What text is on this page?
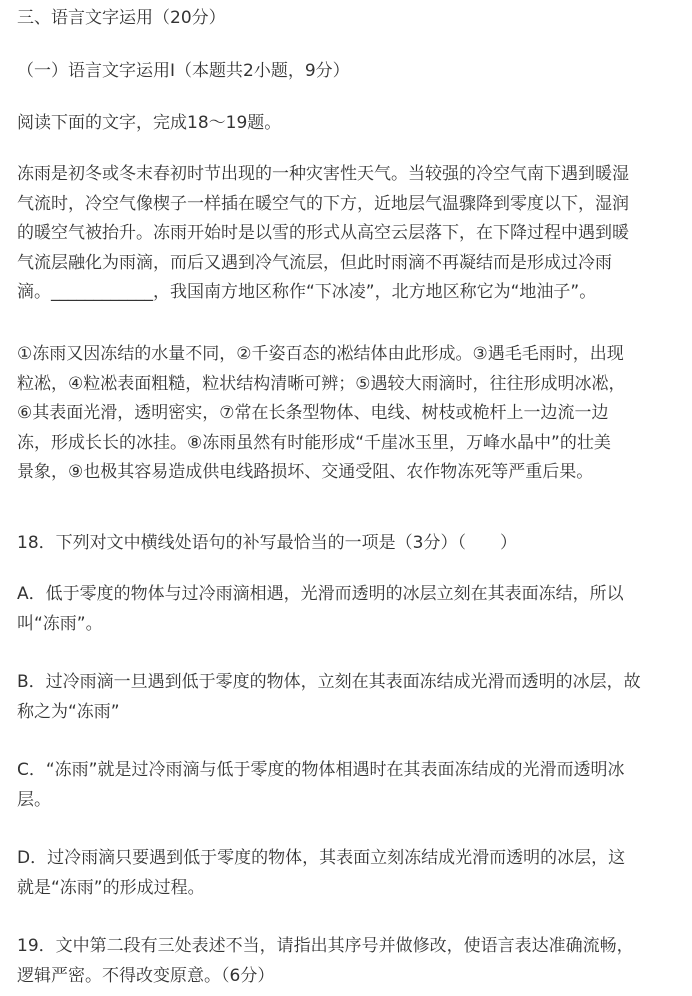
三、语言文字运用（20分）

（一）语言文字运用Ⅰ（本题共2小题，9分）

阅读下面的文字，完成18～19题。

冻雨是初冬或冬末春初时节出现的一种灾害性天气。当较强的冷空气南下遇到暖湿

气流时，冷空气像楔子一样插在暖空气的下方，近地层气温骤降到零度以下，湿润

的暖空气被抬升。冻雨开始时是以雪的形式从高空云层落下，在下降过程中遇到暖

气流层融化为雨滴，而后又遇到冷气流层，但此时雨滴不再凝结而是形成过冷雨

滴。____________，我国南方地区称作“下冰凌”，北方地区称它为“地油子”。

①冻雨又因冻结的水量不同，②千姿百态的凇结体由此形成。③遇毛毛雨时，出现

粒凇，④粒凇表面粗糙，粒状结构清晰可辨；⑤遇较大雨滴时，往往形成明冰凇，

⑥其表面光滑，透明密实，⑦常在长条型物体、电线、树枝或桅杆上一边流一边

冻，形成长长的冰挂。⑧冻雨虽然有时能形成“千崖冰玉里，万峰水晶中”的壮美

景象，⑨也极其容易造成供电线路损坏、交通受阻、农作物冻死等严重后果。

18．下列对文中横线处语句的补写最恰当的一项是（3分）（　　）

A．低于零度的物体与过冷雨滴相遇，光滑而透明的冰层立刻在其表面冻结，所以

叫“冻雨”。

B．过冷雨滴一旦遇到低于零度的物体，立刻在其表面冻结成光滑而透明的冰层，故

称之为“冻雨”

C．“冻雨”就是过冷雨滴与低于零度的物体相遇时在其表面冻结成的光滑而透明冰

层。

D．过冷雨滴只要遇到低于零度的物体，其表面立刻冻结成光滑而透明的冰层，这

就是“冻雨”的形成过程。

19．文中第二段有三处表述不当，请指出其序号并做修改，使语言表达准确流畅，

逻辑严密。不得改变原意。（6分）
